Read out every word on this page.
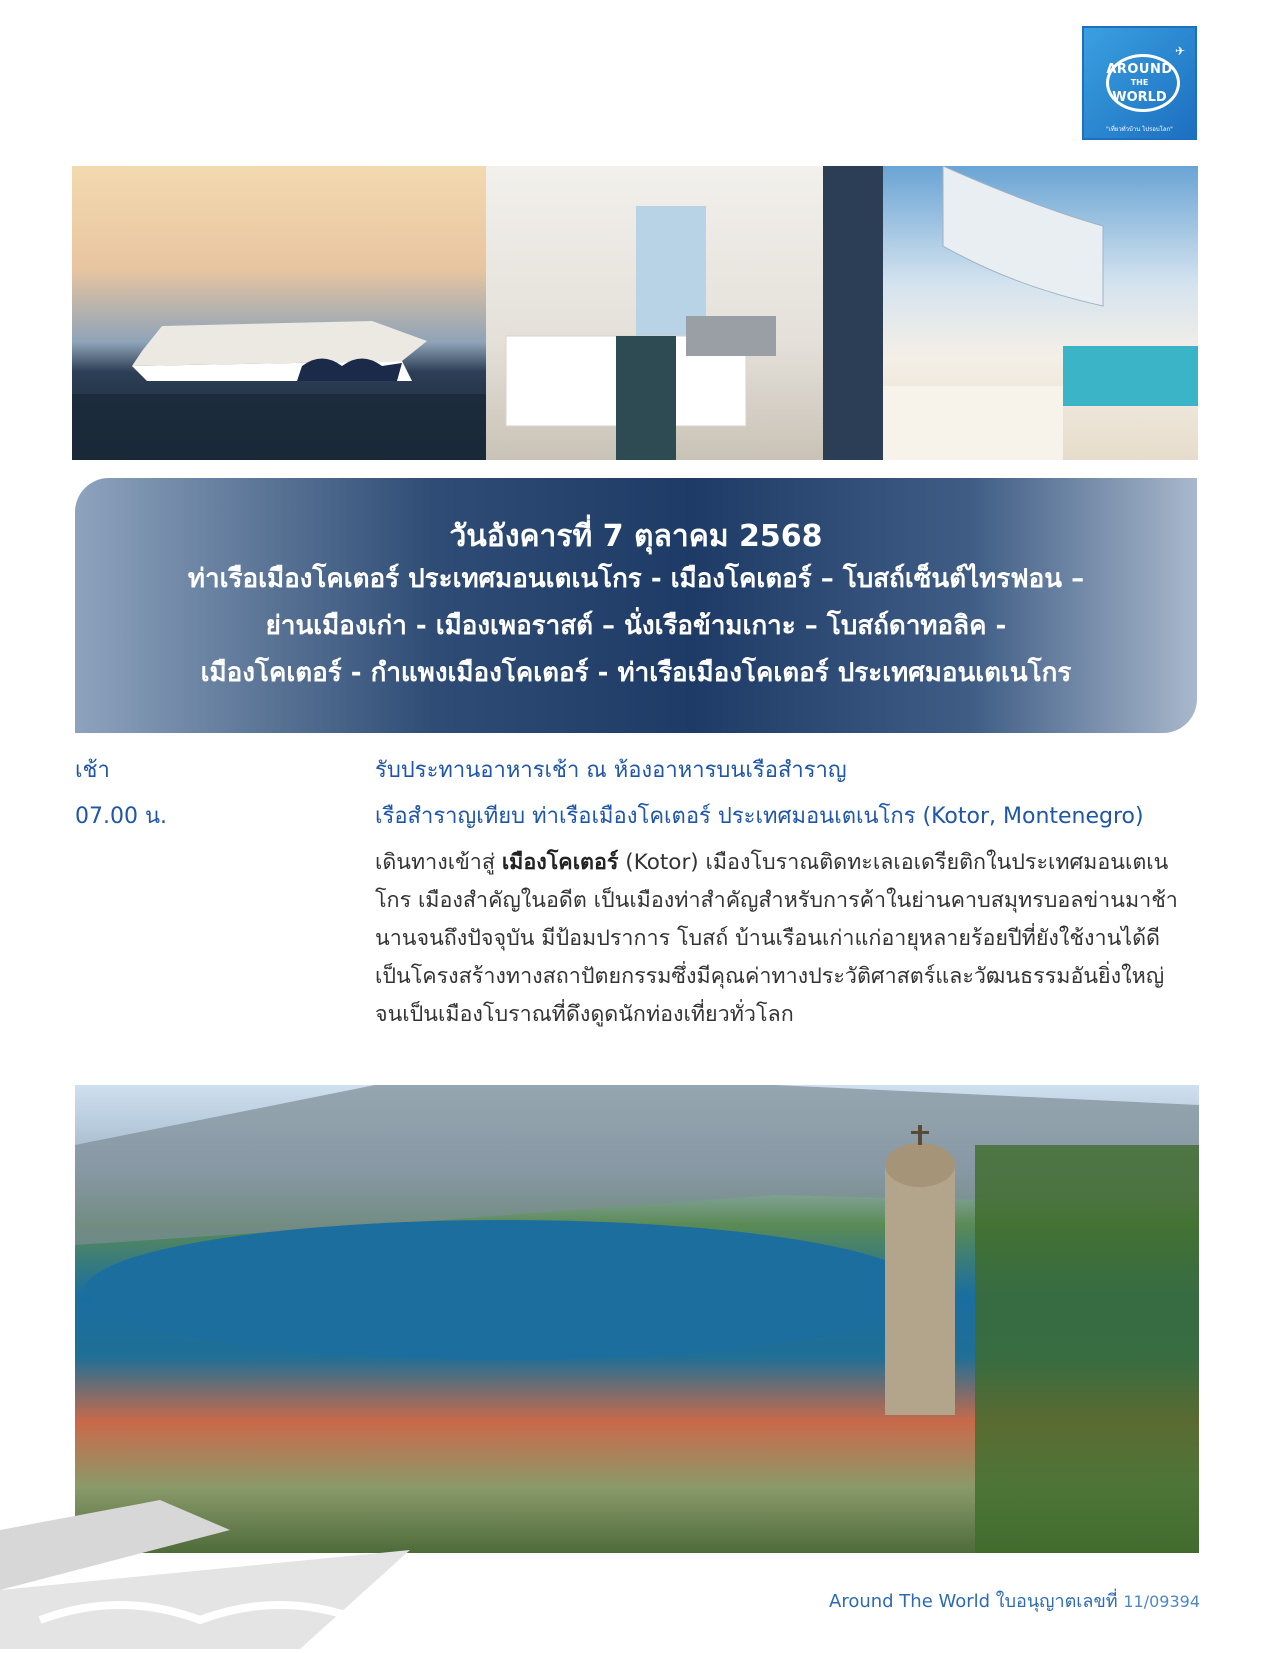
✈
AROUND
THE
WORLD
"เที่ยวทั่วบ้าน ไปรอบโลก"
วันอังคารที่ 7 ตุลาคม 2568
ท่าเรือเมืองโคเตอร์ ประเทศมอนเตเนโกร - เมืองโคเตอร์ – โบสถ์เซ็นต์ไทรฟอน –
ย่านเมืองเก่า - เมืองเพอราสต์ – นั่งเรือข้ามเกาะ – โบสถ์ดาทอลิค -
เมืองโคเตอร์ - กำแพงเมืองโคเตอร์ - ท่าเรือเมืองโคเตอร์ ประเทศมอนเตเนโกร
เช้า	รับประทานอาหารเช้า ณ ห้องอาหารบนเรือสำราญ
07.00 น.	เรือสำราญเทียบ ท่าเรือเมืองโคเตอร์ ประเทศมอนเตเนโกร (Kotor, Montenegro)
เดินทางเข้าสู่ เมืองโคเตอร์ (Kotor) เมืองโบราณติดทะเลเอเดรียติกในประเทศมอนเตเนโกร เมืองสำคัญในอดีต เป็นเมืองท่าสำคัญสำหรับการค้าในย่านคาบสมุทรบอลข่านมาช้านานจนถึงปัจจุบัน มีป้อมปราการ โบสถ์ บ้านเรือนเก่าแก่อายุหลายร้อยปีที่ยังใช้งานได้ดี เป็นโครงสร้างทางสถาปัตยกรรมซึ่งมีคุณค่าทางประวัติศาสตร์และวัฒนธรรมอันยิ่งใหญ่ จนเป็นเมืองโบราณที่ดึงดูดนักท่องเที่ยวทั่วโลก
Around The World ใบอนุญาตเลขที่ 11/09394
